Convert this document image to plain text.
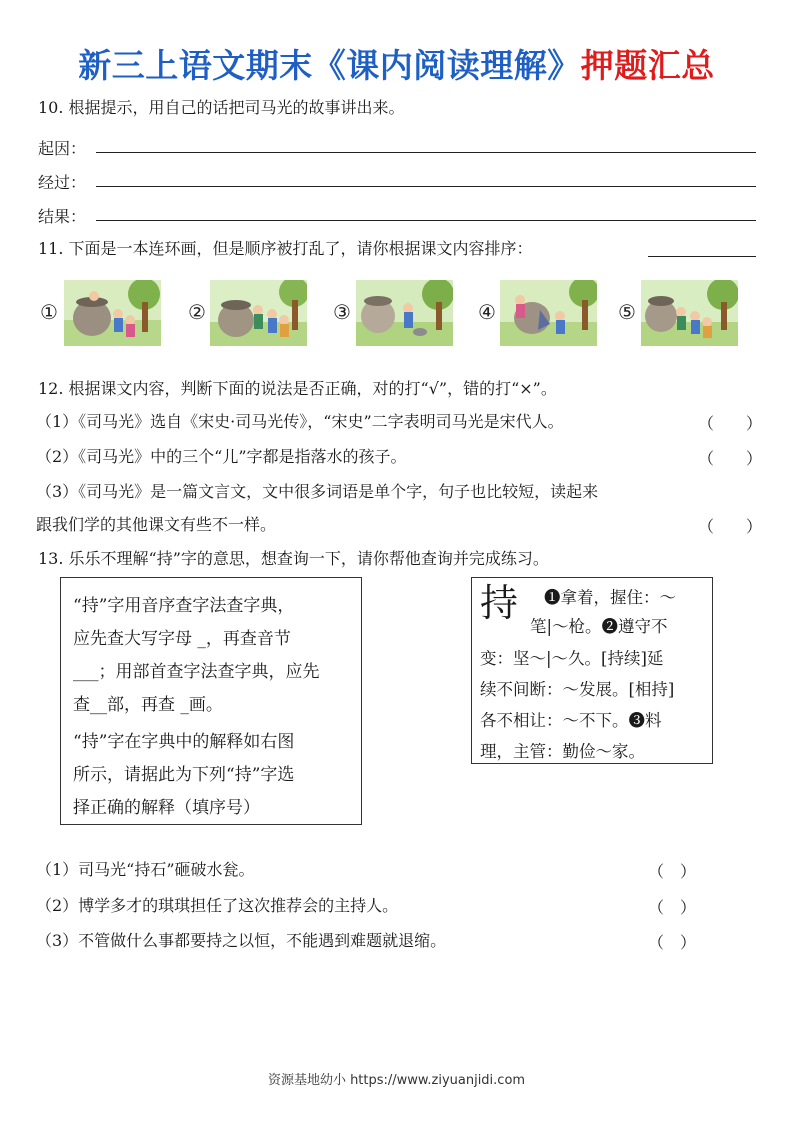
新三上语文期末《课内阅读理解》押题汇总
10. 根据提示，用自己的话把司马光的故事讲出来。
起因：
经过：
结果：
11. 下面是一本连环画，但是顺序被打乱了，请你根据课文内容排序：
①	②	③	④	⑤
12. 根据课文内容，判断下面的说法是否正确，对的打“√”，错的打“×”。
（1）《司马光》选自《宋史·司马光传》，“宋史”二字表明司马光是宋代人。	（　　）
（2）《司马光》中的三个“儿”字都是指落水的孩子。	（　　）
（3）《司马光》是一篇文言文，文中很多词语是单个字，句子也比较短，读起来
跟我们学的其他课文有些不一样。	（　　）
13. 乐乐不理解“持”字的意思，想查询一下，请你帮他查询并完成练习。
“持”字用音序查字法查字典，
应先查大写字母 _，再查音节
___；用部首查字法查字典，应先
查__部，再查 _画。
“持”字在字典中的解释如右图
所示，请据此为下列“持”字选
择正确的解释（填序号）
持 ❶拿着，握住：～
笔|～枪。❷遵守不
变：坚～|～久。[持续]延
续不间断：～发展。[相持]
各不相让：～不下。❸料
理，主管：勤俭～家。
（1）司马光“持石”砸破水瓮。	（　）
（2）博学多才的琪琪担任了这次推荐会的主持人。	（　）
（3）不管做什么事都要持之以恒，不能遇到难题就退缩。	（　）
资源基地幼小 https://www.ziyuanjidi.com
